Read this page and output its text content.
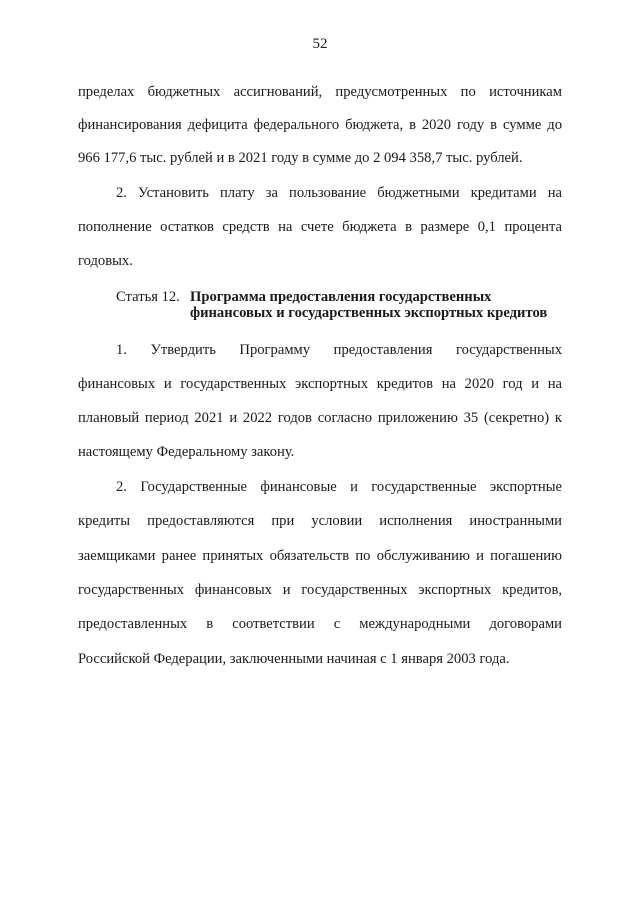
52
пределах бюджетных ассигнований, предусмотренных по источникам
финансирования дефицита федерального бюджета, в 2020 году в сумме до
966 177,6 тыс. рублей и в 2021 году в сумме до 2 094 358,7 тыс. рублей.
2. Установить плату за пользование бюджетными кредитами на
пополнение остатков средств на счете бюджета в размере 0,1 процента
годовых.
Статья 12. Программа предоставления государственных
финансовых и государственных экспортных кредитов
1. Утвердить Программу предоставления государственных
финансовых и государственных экспортных кредитов на 2020 год и на
плановый период 2021 и 2022 годов согласно приложению 35 (секретно) к
настоящему Федеральному закону.
2. Государственные финансовые и государственные экспортные
кредиты предоставляются при условии исполнения иностранными
заемщиками ранее принятых обязательств по обслуживанию и погашению
государственных финансовых и государственных экспортных кредитов,
предоставленных в соответствии с международными договорами
Российской Федерации, заключенными начиная с 1 января 2003 года.
